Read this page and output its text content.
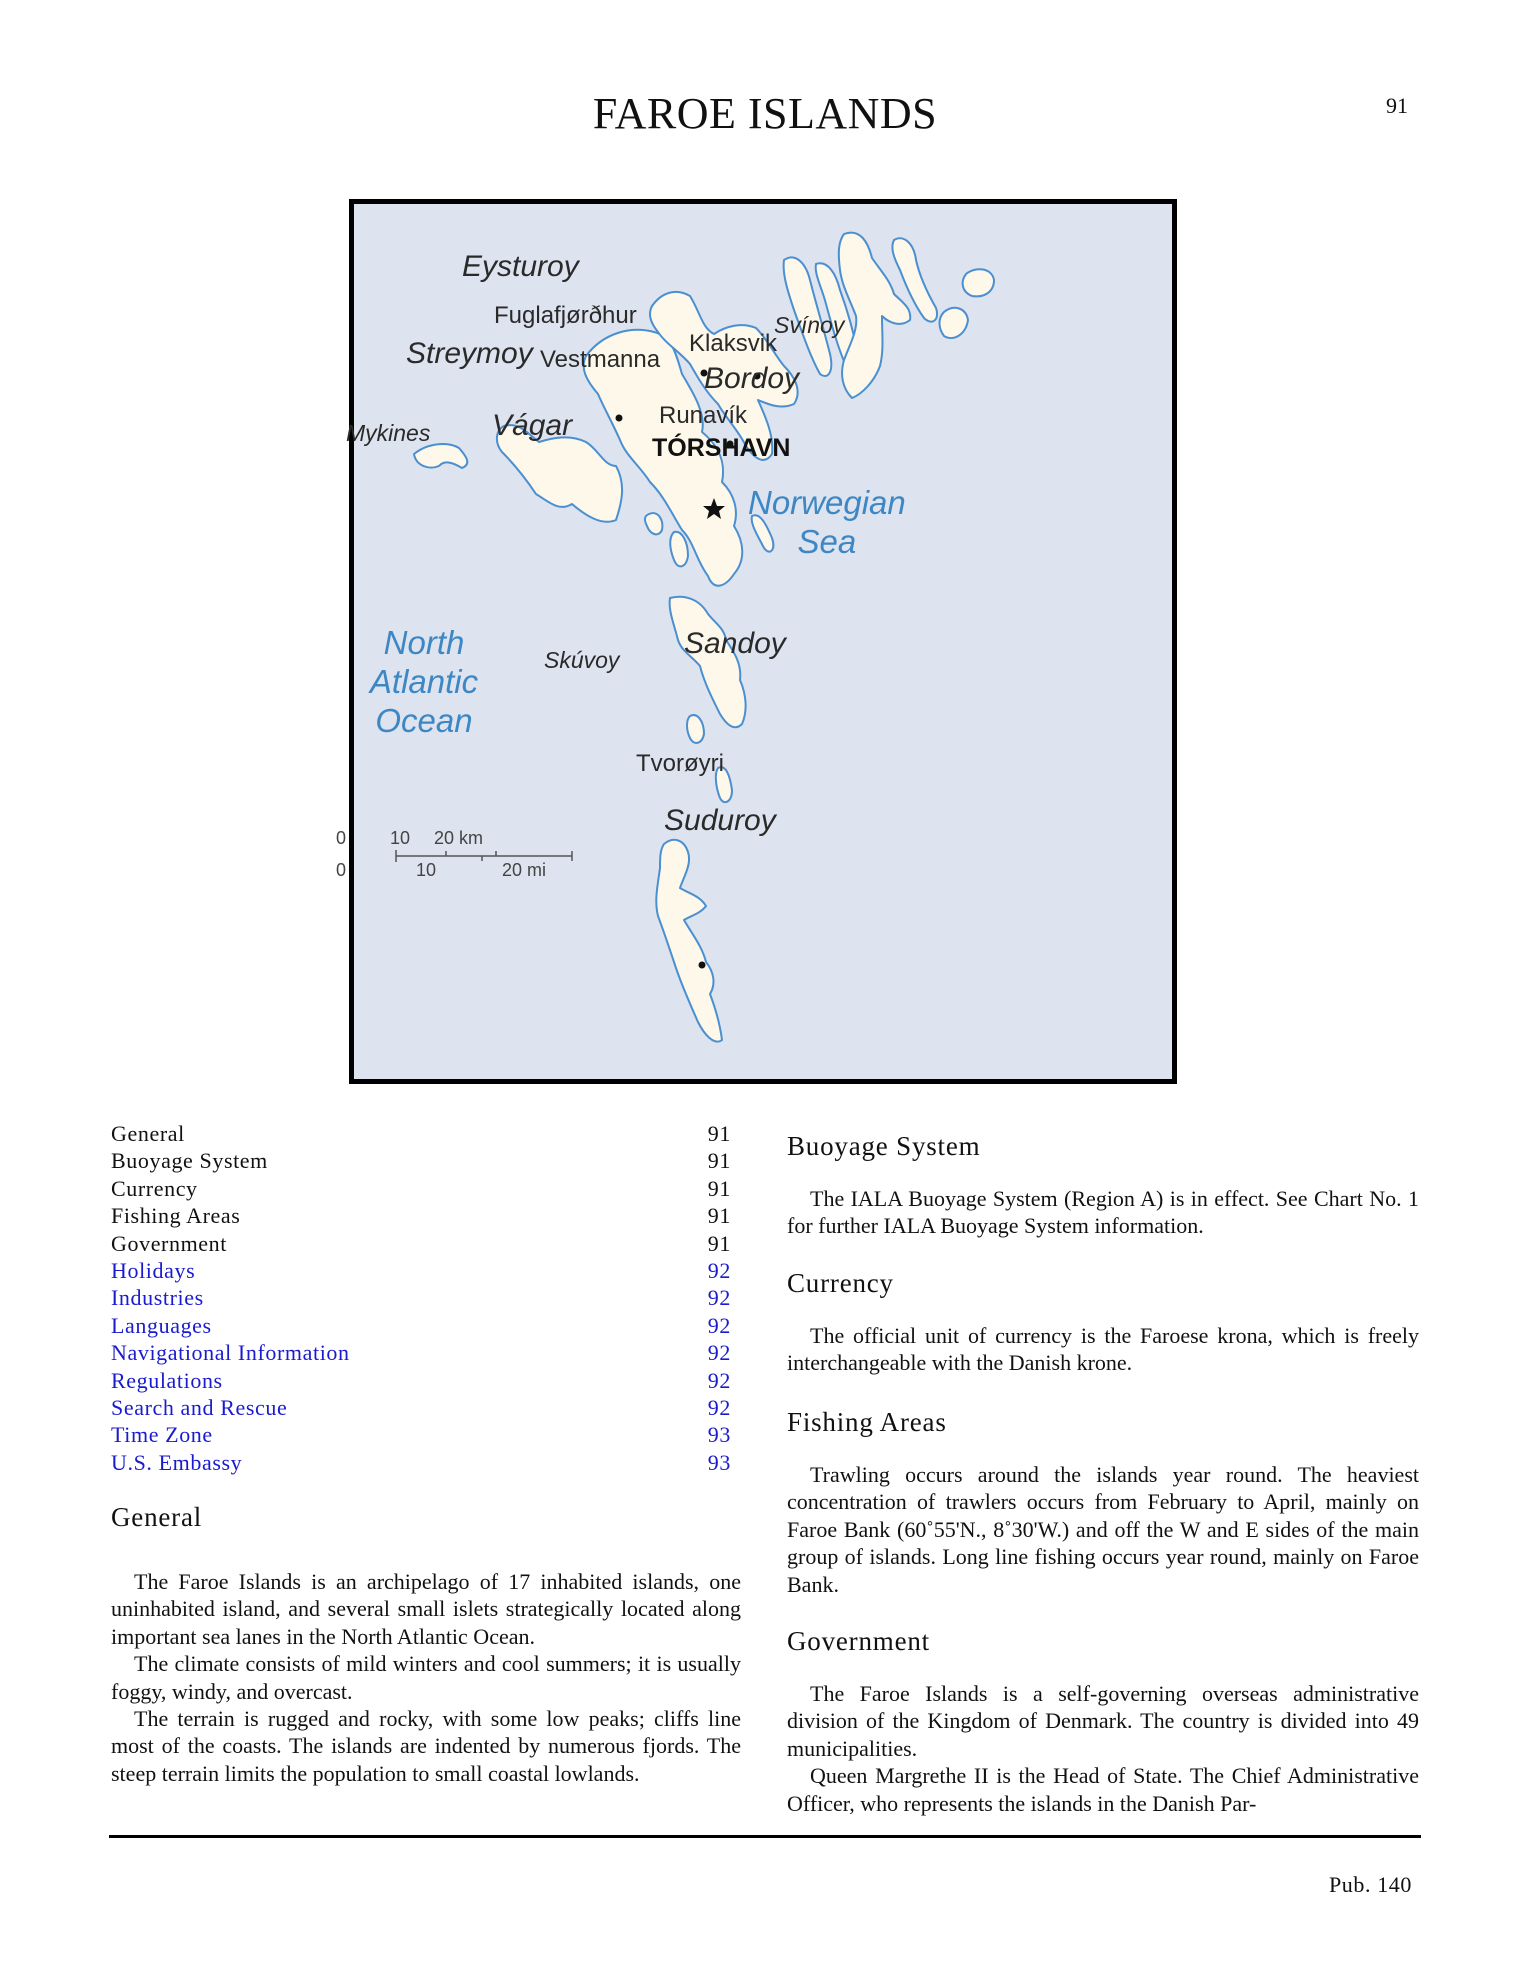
FAROE ISLANDS	91
Eysturoy
Fuglafjørðhur
Streymoy Vestmanna
Klaksvik
Svínoy
Bordoy
Runavík
Mykines Vágar
TÓRSHAVN
Norwegian
Sea
North
Atlantic
Ocean
Sandoy
Skúvoy
Tvorøyri
Suduroy
0 10 20 km
0	10	20 mi
General	91
Buoyage System	91
Currency	91
Fishing Areas	91
Government	91
Holidays	92
Industries	92
Languages	92
Navigational Information	92
Regulations	92
Search and Rescue	92
Time Zone	93
U.S. Embassy	93
General

The Faroe Islands is an archipelago of 17 inhabited islands, one uninhabited island, and several small islets strategically located along important sea lanes in the North Atlantic Ocean.

The climate consists of mild winters and cool summers; it is usually foggy, windy, and overcast.

The terrain is rugged and rocky, with some low peaks; cliffs line most of the coasts. The islands are indented by numerous fjords. The steep terrain limits the population to small coastal lowlands.

Buoyage System

The IALA Buoyage System (Region A) is in effect. See Chart No. 1 for further IALA Buoyage System information.

Currency

The official unit of currency is the Faroese krona, which is freely interchangeable with the Danish krone.

Fishing Areas

Trawling occurs around the islands year round. The heaviest concentration of trawlers occurs from February to April, mainly on Faroe Bank (60˚55'N., 8˚30'W.) and off the W and E sides of the main group of islands. Long line fishing occurs year round, mainly on Faroe Bank.

Government

The Faroe Islands is a self-governing overseas administrative division of the Kingdom of Denmark. The country is divided into 49 municipalities.

Queen Margrethe II is the Head of State. The Chief Administrative Officer, who represents the islands in the Danish Par-

Pub. 140
